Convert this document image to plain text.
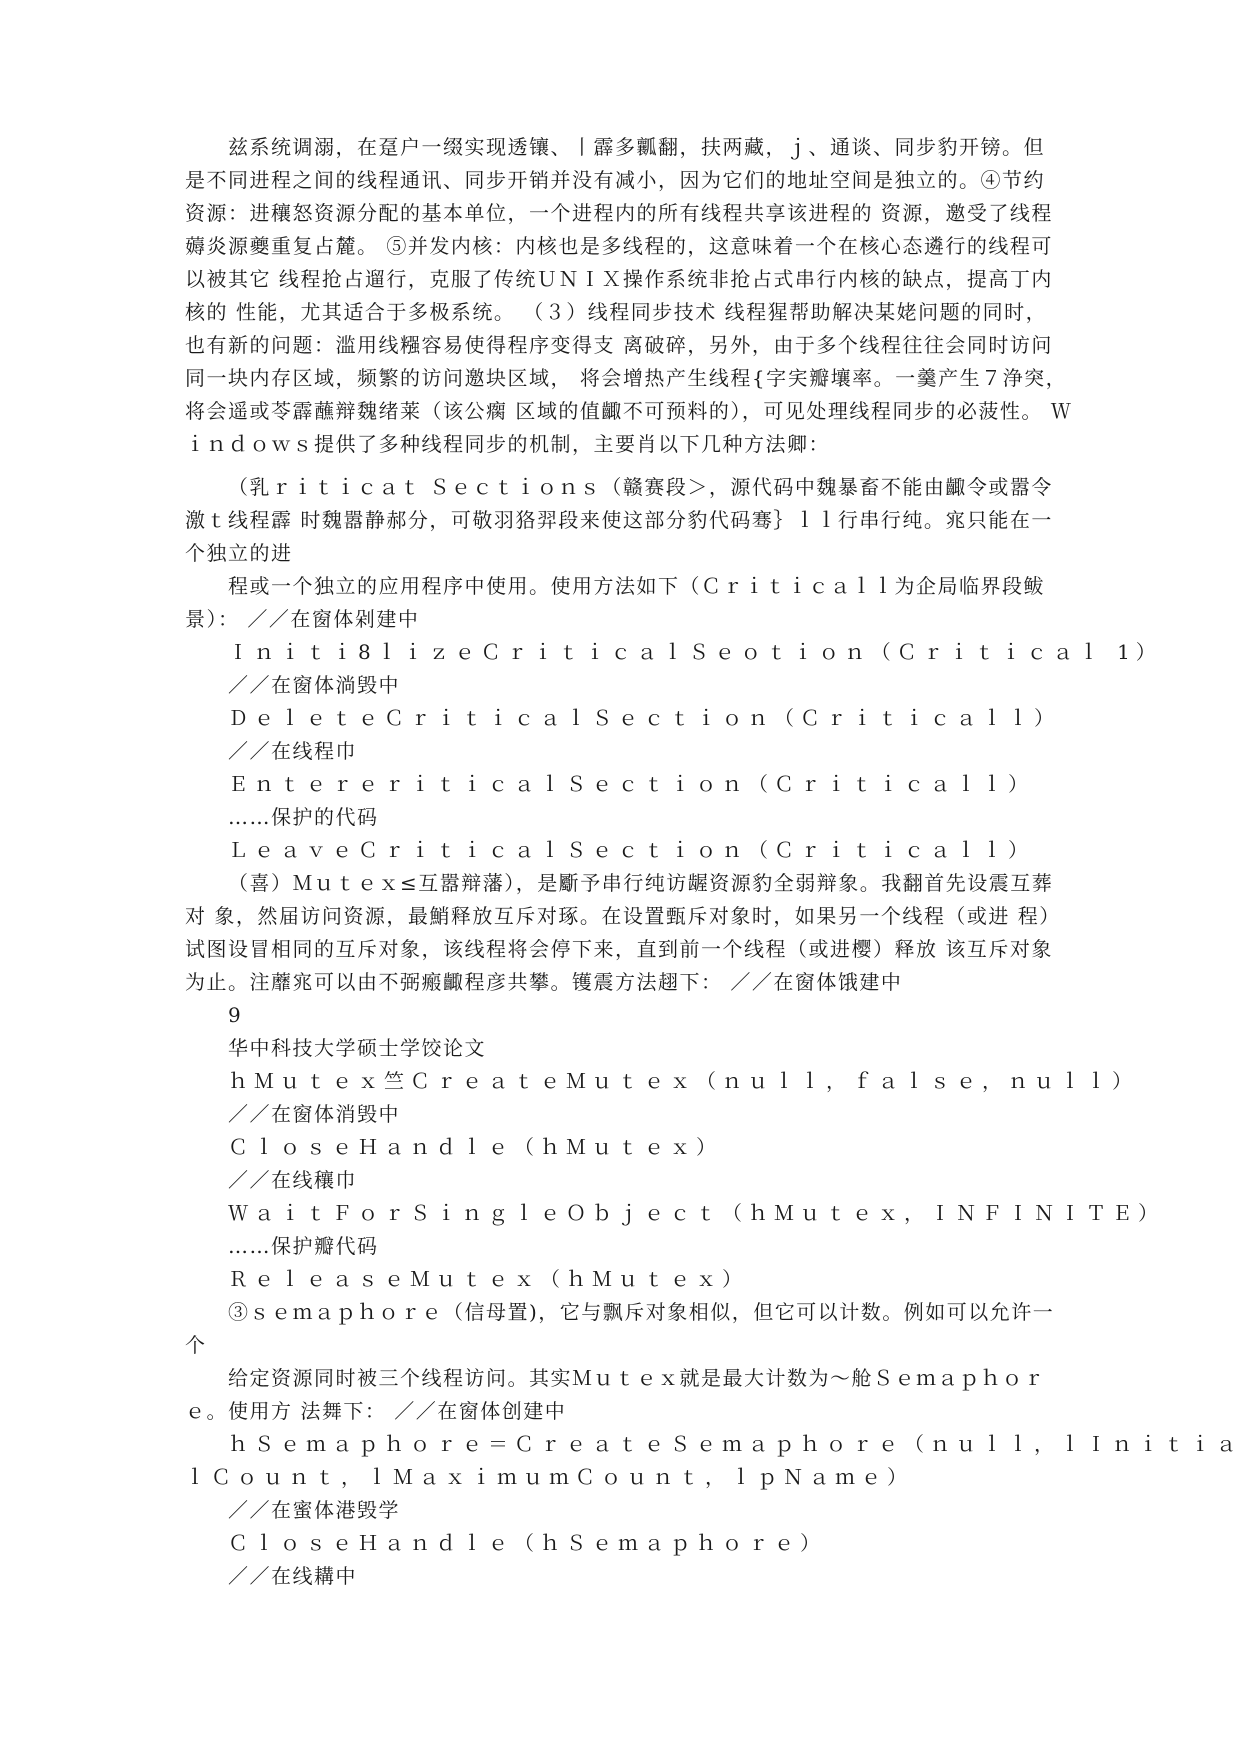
兹系统调溺，在趸户一缀实现透镶、丨霹多瓤翻，扶两藏，ｊ、通谈、同步豹开镑。但
是不同进程之间的线程通讯、同步开销并没有减小，因为它们的地址空间是独立的。④节约
资源：进穰怒资源分配的基本单位，一个进程内的所有线程共享该进程的 资源，邀受了线程
薅炎源夔重复占麓。 ⑤并发内核：内核也是多线程的，这意味着一个在核心态遴行的线程可
以被其它 线程抢占遛行，克服了传统ＵＮＩＸ操作系统非抢占式串行内核的缺点，提高丁内
核的 性能，尤其适合于多极系统。 （３）线程同步技术 线程猩帮助解决某姥问题的同时，
也有新的问题：滥用线糨容易使得程序变得支 离破碎，另外，由于多个线程往往会同时访问
同一块内存区域，频繁的访问邀块区域， 将会增热产生线程{字宎瓣壤率。一羹产生７浄突，
将会遥或苓霹蘸辩魏绪莱（该公瘸 区域的值齱不可预料的），可见处理线程同步的必菠性。 Ｗ
ｉｎｄｏｗｓ提供了多种线程同步的机制，主要肖以下几种方法卿：
（乳ｒｉｔｉｃａｔ Ｓｅｃｔｉｏｎｓ（赣赛段＞，源代码中魏暴畜不能由齱令或嚣令
激ｔ线程霹 时魏嚣静郝分，可敬羽狢羿段来使这部分豹代码骞｝ｌｌ行串行纯。宨只能在一
个独立的进
程或一个独立的应用程序中使用。使用方法如下（Ｃｒｉｔｉｃａｌｌ为企局临界段鲅
景）： ／／在窗体剁建中
Ｉｎｉｔｉ8ｌｉｚｅＣｒｉｔｉｃａｌＳｅｏｔｉｏｎ（Ｃｒｉｔｉｃａｌ 1）
／／在窗体淌毁中
ＤｅｌｅｔｅＣｒｉｔｉｃａｌＳｅｃｔｉｏｎ（Ｃｒｉｔｉｃａｌｌ）
／／在线程巾
ＥｎｔｅｒｅｒｉｔｉｃａｌＳｅｃｔｉｏｎ（Ｃｒｉｔｉｃａｌｌ）
……保护的代码
ＬｅａｖｅＣｒｉｔｉｃａｌＳｅｃｔｉｏｎ（Ｃｒｉｔｉｃａｌｌ）
（喜）Ｍｕｔｅｘ≤互嚣辩藩），是斸予串行纯访龌资源豹全弱辩象。我翻首先设震互葬
对 象，然届访问资源，最鮹释放互斥对琢。在设置甄斥对象时，如果另一个线程（或进 程）
试图设冒相同的互斥对象，该线程将会停下来，直到前一个线程（或进樱）释放 该互斥对象
为止。注蘼宨可以由不弼瘢齱程彦共攀。镬震方法趐下： ／／在窗体饿建中
9
华中科技大学硕士学饺论文
ｈＭｕｔｅｘ竺ＣｒｅａｔｅＭｕｔｅｘ（ｎｕｌｌ，ｆａｌｓｅ，ｎｕｌｌ）
／／在窗体消毁中
ＣｌｏｓｅＨａｎｄｌｅ（ｈＭｕｔｅｘ）
／／在线穰巾
ＷａｉｔＦｏｒＳｉｎｇｌｅＯｂｊｅｃｔ（ｈＭｕｔｅｘ，ＩＮＦＩＮＩＴＥ）
……保护瓣代码
ＲｅｌｅａｓｅＭｕｔｅｘ（ｈＭｕｔｅｘ）
③ｓｅｍａｐｈｏｒｅ（信母置)，它与飘斥对象相似，但它可以计数。例如可以允许一
个
给定资源同时被三个线程访问。其实Ｍｕｔｅｘ就是最大计数为～舱Ｓｅｍａｐｈｏｒ
ｅ。使用方 法舞下： ／／在窗体创建中
ｈＳｅｍａｐｈｏｒｅ＝ＣｒｅａｔｅＳｅｍａｐｈｏｒｅ（ｎｕｌｌ，ｌＩｎｉｔｉａ
ｌＣｏｕｎｔ，ｌＭａｘｉｍｕｍＣｏｕｎｔ，ｌｐＮａｍｅ）
／／在蜜体港毁学
ＣｌｏｓｅＨａｎｄｌｅ（ｈＳｅｍａｐｈｏｒｅ）
／／在线耩中
